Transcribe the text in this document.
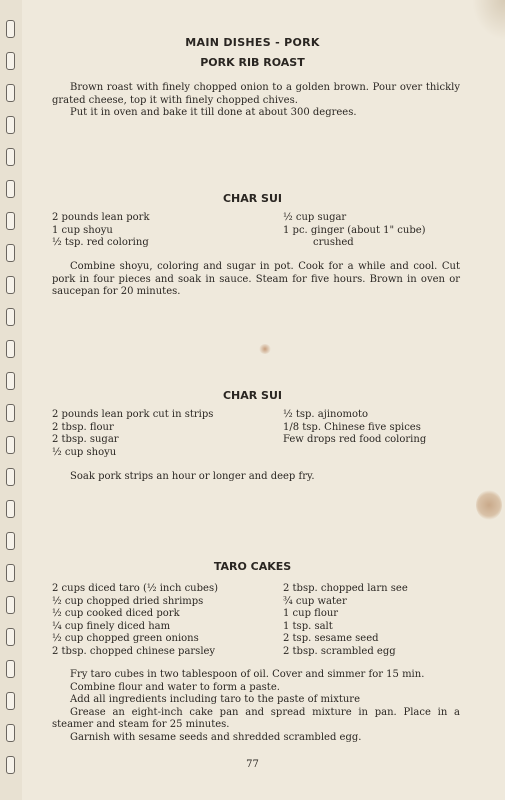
MAIN DISHES - PORK
PORK RIB ROAST

Brown roast with finely chopped onion to a golden brown. Pour over thickly grated cheese, top it with finely chopped chives.

Put it in oven and bake it till done at about 300 degrees.

CHAR SUI
2 pounds lean pork
1 cup shoyu
½ tsp. red coloring
½ cup sugar
1 pc. ginger (about 1" cube)
crushed

Combine shoyu, coloring and sugar in pot. Cook for a while and cool. Cut pork in four pieces and soak in sauce. Steam for five hours. Brown in oven or saucepan for 20 minutes.

CHAR SUI
2 pounds lean pork cut in strips
2 tbsp. flour
2 tbsp. sugar
½ cup shoyu
½ tsp. ajinomoto
1/8 tsp. Chinese five spices
Few drops red food coloring

Soak pork strips an hour or longer and deep fry.

TARO CAKES
2 cups diced taro (½ inch cubes)
½ cup chopped dried shrimps
½ cup cooked diced pork
¼ cup finely diced ham
½ cup chopped green onions
2 tbsp. chopped chinese parsley
2 tbsp. chopped larn see
¾ cup water
1 cup flour
1 tsp. salt
2 tsp. sesame seed
2 tbsp. scrambled egg

Fry taro cubes in two tablespoon of oil. Cover and simmer for 15 min.

Combine flour and water to form a paste.

Add all ingredients including taro to the paste of mixture

Grease an eight-inch cake pan and spread mixture in pan. Place in a steamer and steam for 25 minutes.

Garnish with sesame seeds and shredded scrambled egg.

77
